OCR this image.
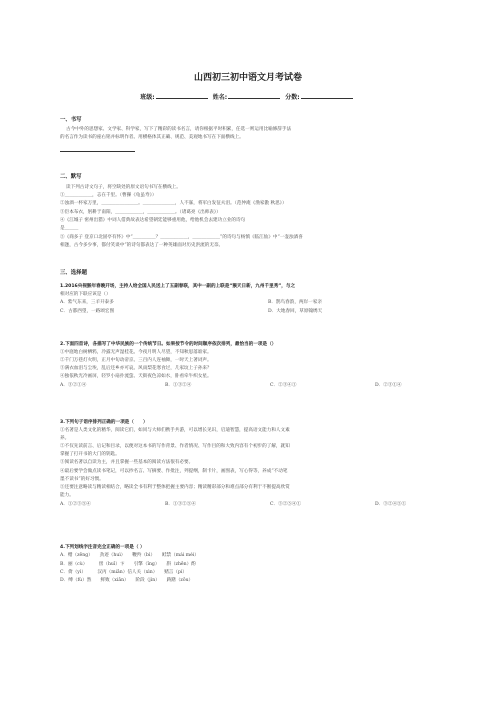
山西初三初中语文月考试卷
班级:	姓名:	分数:
一、书写
古今中外的思想家、文学家、科学家，写下了精彩的读书名言，请你根据平时积累，任选一则运用比喻修辞手法
的名言作为读书的座右铭并标明作者。用横格体其正确、规范、美观地书写在下面横线上。
二、默写
读下列古诗文句子，将空缺处的原文语句书写在横线上。
①＿＿＿＿＿＿，志在千里。（曹操《龟虽寿》）
②浊酒一杯家万里，＿＿＿＿＿＿＿＿。＿＿＿＿＿＿＿，人不寐，将军白发征夫泪。（范仲淹《渔家傲 秋思》）
③臣本布衣，躬耕于南阳，＿＿＿＿＿＿，＿＿＿＿＿＿。（诸葛亮《出师表》）
④《江城子 密州出猎》中词人借典故表达希望朝廷能够重用他，给他机会去建功立业的诗句
是＿＿＿
⑤《商多子 登京口北固亭有怀》中“＿＿＿＿＿？＿＿＿＿＿＿，＿＿＿＿＿＿”的诗句与杨慎《临江仙》中“一壶浊酒喜
相逢，古今多少事，都付笑谈中”的诗句都表达了一种英雄面对历史洪流的无奈。
三、选择题
1.2016央视猴年春晚开场，主持人给全国人民送上了五副春联，其中一副的上联是“猴天日新，九州千里秀”，与之
相对应的下联应该是（）
A．紫气东来，三羊开泰多	B．鹊鸟春韵，两岸一家亲
C．古都西望，一路颂宏图	D．大地春回，草原翰绣天
2.下面四首诗，各描写了中华民族的一个传统节日。如果按节令的时间顺序依次排列，最恰当的一项是（）
①中庭地白树栖鸦，冷露无声湿桂花。今夜月明人尽望，不知秋思落谁家。
②千门万巷灯火明，正月中旬动帝京。三百内人连袖舞，一时天上著词声。
③满衣血泪与尘埃，乱后还乡亦可哀。风雨梨花寒食过，几家坟上子孙来？
④独依秋光冷画屏，轻罗小扇扑流萤。天街夜色凉如水，卧看牵牛织女星。
A．③②①④	B．①③②④	C．②③④①	D．②③①④
3.下列句子语序排列正确的一项是（　　）
①名著是人类文化的精华，阅读它们，如同与大师们携手共游，可以增长见识，启迪智慧，提高语文能力和人文素
养。
②不仅先读前言、后记和目录，以便对这本书的写作背景、作者情况、写作目的和大致内容有个初步的了解，就知
掌握了打开书的大门的钥匙。
③阅读名著以自读为主，并且掌握一些基本的阅读方法很有必要。
④最后要学会做点读书笔记，可以抄名言、写摘要、作批注，列提纲，制卡片，画图表，写心得等，养成“不动笔
墨不读书”的好习惯。
⑤还要注意略读与精读相结合，略读全书有利于整体把握主要内容；精读精彩部分和难点部分有利于不断提高欣赏
能力。
A．①②③⑤④	B．①③②⑤④	C．③②⑤④①	D．③②④⑤①
4.下列划线字注音完全正确的一项是（ ）
A．赠（zēng）　　劲迹（huì）　　鞭羚（bì）　　鲑禁（mái méi）
B．丽（cù）　　　傍（huī）卞　　引擎（ǐng）　　斟（zhēn）酌
C．倚（yì）　　　汉丙（miǎn）信人关（xìn）　　赌言（pí）
D．缚（fù）然　　鲜败（xiān）　　阶段（jìn）　　踌躇（zōu）
